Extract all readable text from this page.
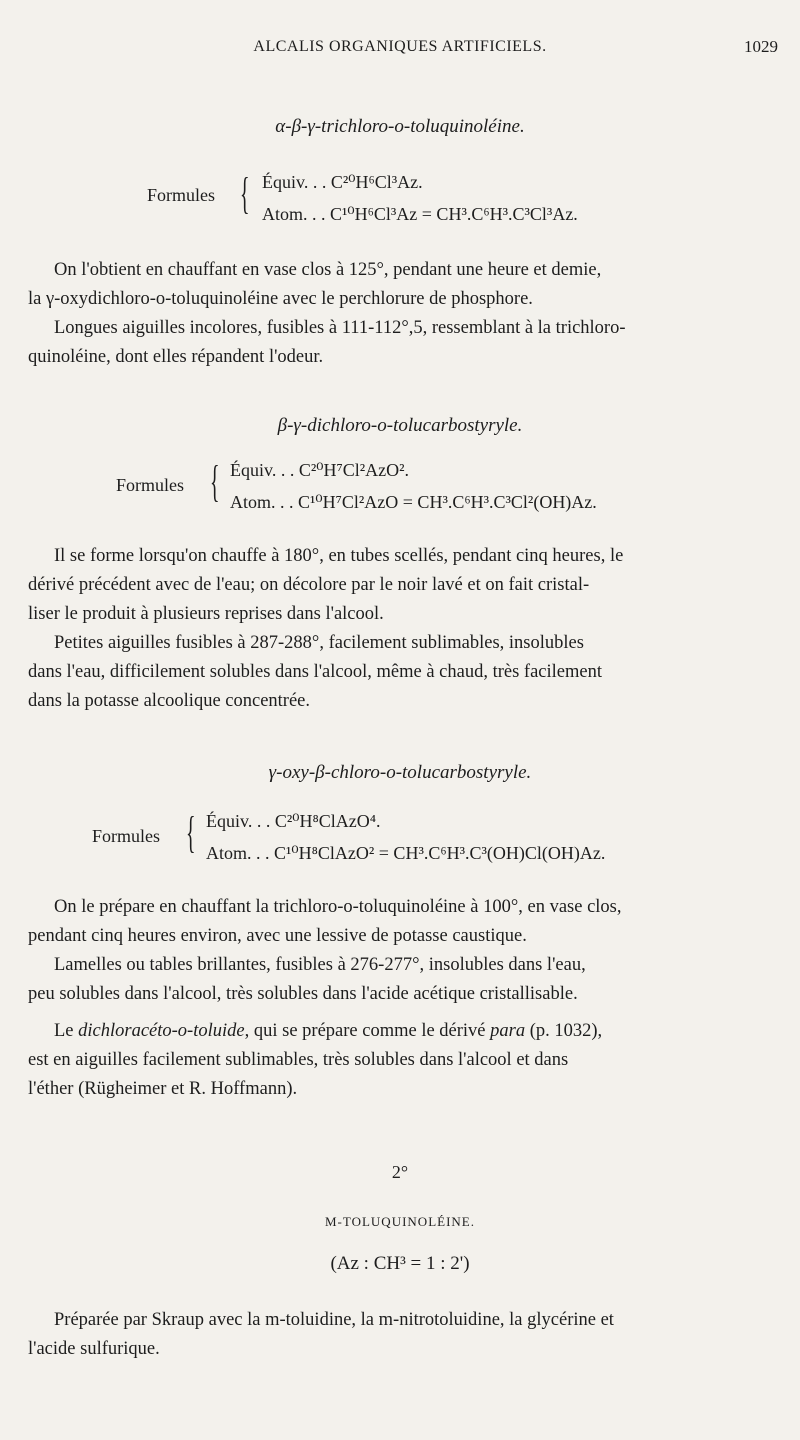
ALCALIS ORGANIQUES ARTIFICIELS.	1029
α-β-γ-trichloro-o-toluquinoléine.
Formules { Équiv. . . C²⁰H⁶Cl³Az.
Atom. . . C¹⁰H⁶Cl³Az = CH³.C⁶H³.C³Cl³Az.
On l'obtient en chauffant en vase clos à 125°, pendant une heure et demie,
la γ-oxydichloro-o-toluquinoléine avec le perchlorure de phosphore.
Longues aiguilles incolores, fusibles à 111-112°,5, ressemblant à la trichloro-
quinoléine, dont elles répandent l'odeur.
β-γ-dichloro-o-tolucarbostyryle.
Formules { Équiv. . . C²⁰H⁷Cl²AzO².
Atom. . . C¹⁰H⁷Cl²AzO = CH³.C⁶H³.C³Cl²(OH)Az.
Il se forme lorsqu'on chauffe à 180°, en tubes scellés, pendant cinq heures, le
dérivé précédent avec de l'eau; on décolore par le noir lavé et on fait cristal-
liser le produit à plusieurs reprises dans l'alcool.
Petites aiguilles fusibles à 287-288°, facilement sublimables, insolubles
dans l'eau, difficilement solubles dans l'alcool, même à chaud, très facilement
dans la potasse alcoolique concentrée.
γ-oxy-β-chloro-o-tolucarbostyryle.
Formules { Équiv. . . C²⁰H⁸ClAzO⁴.
Atom. . . C¹⁰H⁸ClAzO² = CH³.C⁶H³.C³(OH)Cl(OH)Az.
On le prépare en chauffant la trichloro-o-toluquinoléine à 100°, en vase clos,
pendant cinq heures environ, avec une lessive de potasse caustique.
Lamelles ou tables brillantes, fusibles à 276-277°, insolubles dans l'eau,
peu solubles dans l'alcool, très solubles dans l'acide acétique cristallisable.
Le dichloracéto-o-toluide, qui se prépare comme le dérivé para (p. 1032),
est en aiguilles facilement sublimables, très solubles dans l'alcool et dans
l'éther (Rügheimer et R. Hoffmann).
2°
M-TOLUQUINOLÉINE.
(Az : CH³ = 1 : 2')
Préparée par Skraup avec la m-toluidine, la m-nitrotoluidine, la glycérine et
l'acide sulfurique.
